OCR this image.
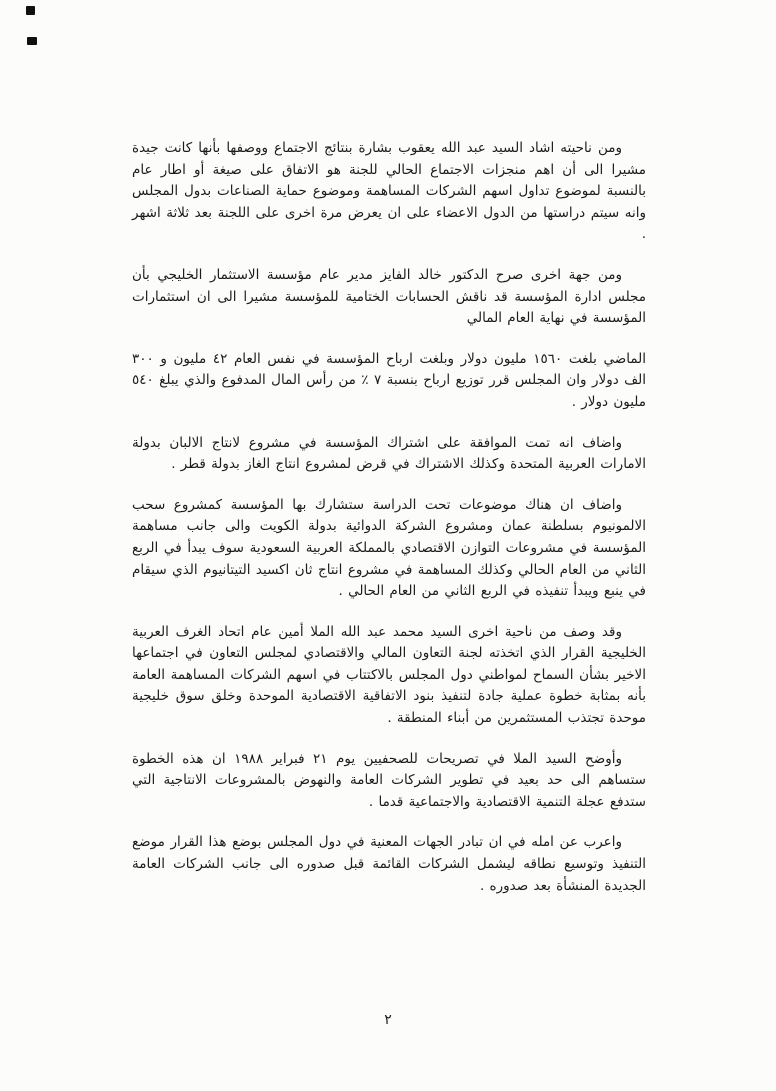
ومن ناحيته اشاد السيد عبد الله يعقوب بشارة بنتائج الاجتماع ووصفها بأنها كانت جيدة مشيرا الى أن اهم منجزات الاجتماع الحالي للجنة هو الاتفاق على صيغة أو اطار عام بالنسبة لموضوع تداول اسهم الشركات المساهمة وموضوع حماية الصناعات بدول المجلس وانه سيتم دراستها من الدول الاعضاء على ان يعرض مرة اخرى على اللجنة بعد ثلاثة اشهر .

ومن جهة اخرى صرح الدكتور خالد الفايز مدير عام مؤسسة الاستثمار الخليجي بأن مجلس ادارة المؤسسة قد ناقش الحسابات الختامية للمؤسسة مشيرا الى ان استثمارات المؤسسة في نهاية العام المالي

الماضي بلغت ١٥٦٠ مليون دولار وبلغت ارباح المؤسسة في نفس العام ٤٢ مليون و ٣٠٠ الف دولار وان المجلس قرر توزيع ارباح بنسبة ٧ ٪ من رأس المال المدفوع والذي يبلغ ٥٤٠ مليون دولار .

واضاف انه تمت الموافقة على اشتراك المؤسسة في مشروع لانتاج الالبان بدولة الامارات العربية المتحدة وكذلك الاشتراك في قرض لمشروع انتاج الغاز بدولة قطر .

واضاف ان هناك موضوعات تحت الدراسة ستشارك بها المؤسسة كمشروع سحب الالمونيوم بسلطنة عمان ومشروع الشركة الدوائية بدولة الكويت والى جانب مساهمة المؤسسة في مشروعات التوازن الاقتصادي بالمملكة العربية السعودية سوف يبدأ في الربع الثاني من العام الحالي وكذلك المساهمة في مشروع انتاج ثان اكسيد التيتانيوم الذي سيقام في ينبع ويبدأ تنفيذه في الربع الثاني من العام الحالي .

وقد وصف من ناحية اخرى السيد محمد عبد الله الملا أمين عام اتحاد الغرف العربية الخليجية القرار الذي اتخذته لجنة التعاون المالي والاقتصادي لمجلس التعاون في اجتماعها الاخير بشأن السماح لمواطني دول المجلس بالاكتتاب في اسهم الشركات المساهمة العامة بأنه بمثابة خطوة عملية جادة لتنفيذ بنود الاتفاقية الاقتصادية الموحدة وخلق سوق خليجية موحدة تجتذب المستثمرين من أبناء المنطقة .

وأوضح السيد الملا في تصريحات للصحفيين يوم ٢١ فبراير ١٩٨٨ ان هذه الخطوة ستساهم الى حد بعيد في تطوير الشركات العامة والنهوض بالمشروعات الانتاجية التي ستدفع عجلة التنمية الاقتصادية والاجتماعية قدما .

واعرب عن امله في ان تبادر الجهات المعنية في دول المجلس بوضع هذا القرار موضع التنفيذ وتوسيع نطاقه ليشمل الشركات القائمة قبل صدوره الى جانب الشركات العامة الجديدة المنشأة بعد صدوره .

٢
